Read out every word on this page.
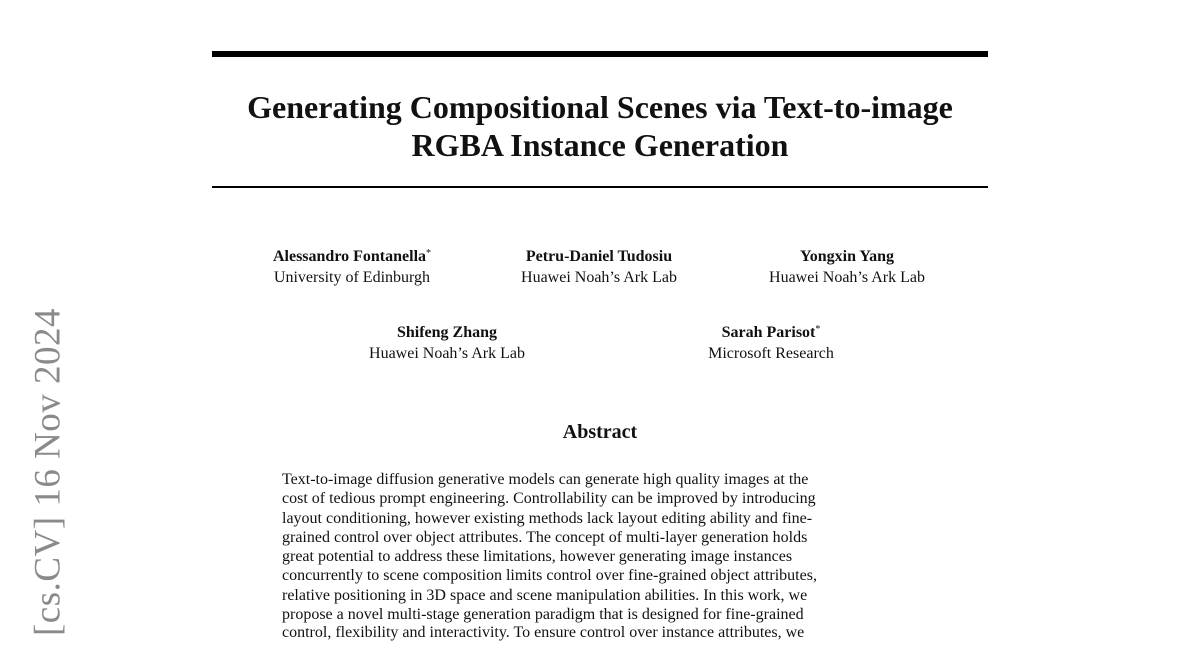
[cs.CV] 16 Nov 2024
Generating Compositional Scenes via Text-to-image
RGBA Instance Generation
Alessandro Fontanella*
University of Edinburgh
Petru-Daniel Tudosiu
Huawei Noah’s Ark Lab
Yongxin Yang
Huawei Noah’s Ark Lab
Shifeng Zhang
Huawei Noah’s Ark Lab
Sarah Parisot*
Microsoft Research
Abstract
Text-to-image diffusion generative models can generate high quality images at the
cost of tedious prompt engineering. Controllability can be improved by introducing
layout conditioning, however existing methods lack layout editing ability and fine-
grained control over object attributes. The concept of multi-layer generation holds
great potential to address these limitations, however generating image instances
concurrently to scene composition limits control over fine-grained object attributes,
relative positioning in 3D space and scene manipulation abilities. In this work, we
propose a novel multi-stage generation paradigm that is designed for fine-grained
control, flexibility and interactivity. To ensure control over instance attributes, we
